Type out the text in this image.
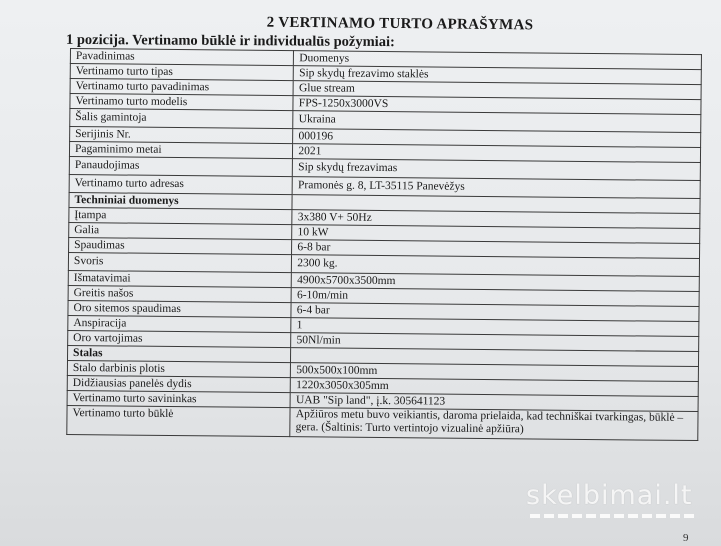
2 VERTINAMO TURTO APRAŠYMAS
1 pozicija. Vertinamo būklė ir individualūs požymiai:
Pavadinimas	Duomenys
Vertinamo turto tipas	Sip skydų frezavimo staklės
Vertinamo turto pavadinimas	Glue stream
Vertinamo turto modelis	FPS-1250x3000VS
Šalis gamintoja	Ukraina
Serijinis Nr.	000196
Pagaminimo metai	2021
Panaudojimas	Sip skydų frezavimas
Vertinamo turto adresas	Pramonės g. 8, LT-35115 Panevėžys
Techniniai duomenys	
Įtampa	3x380 V+ 50Hz
Galia	10 kW
Spaudimas	6-8 bar
Svoris	2300 kg.
Išmatavimai	4900x5700x3500mm
Greitis našos	6-10m/min
Oro sitemos spaudimas	6-4 bar
Anspiracija	1
Oro vartojimas	50Nl/min
Stalas	
Stalo darbinis plotis	500x500x100mm
Didžiausias panelės dydis	1220x3050x305mm
Vertinamo turto savininkas	UAB "Sip land", į.k. 305641123
Vertinamo turto būklė	Apžiūros metu buvo veikiantis, daroma prielaida, kad techniškai tvarkingas, būklė – gera. (Šaltinis: Turto vertintojo vizualinė apžiūra)
skelbimai.lt
9
